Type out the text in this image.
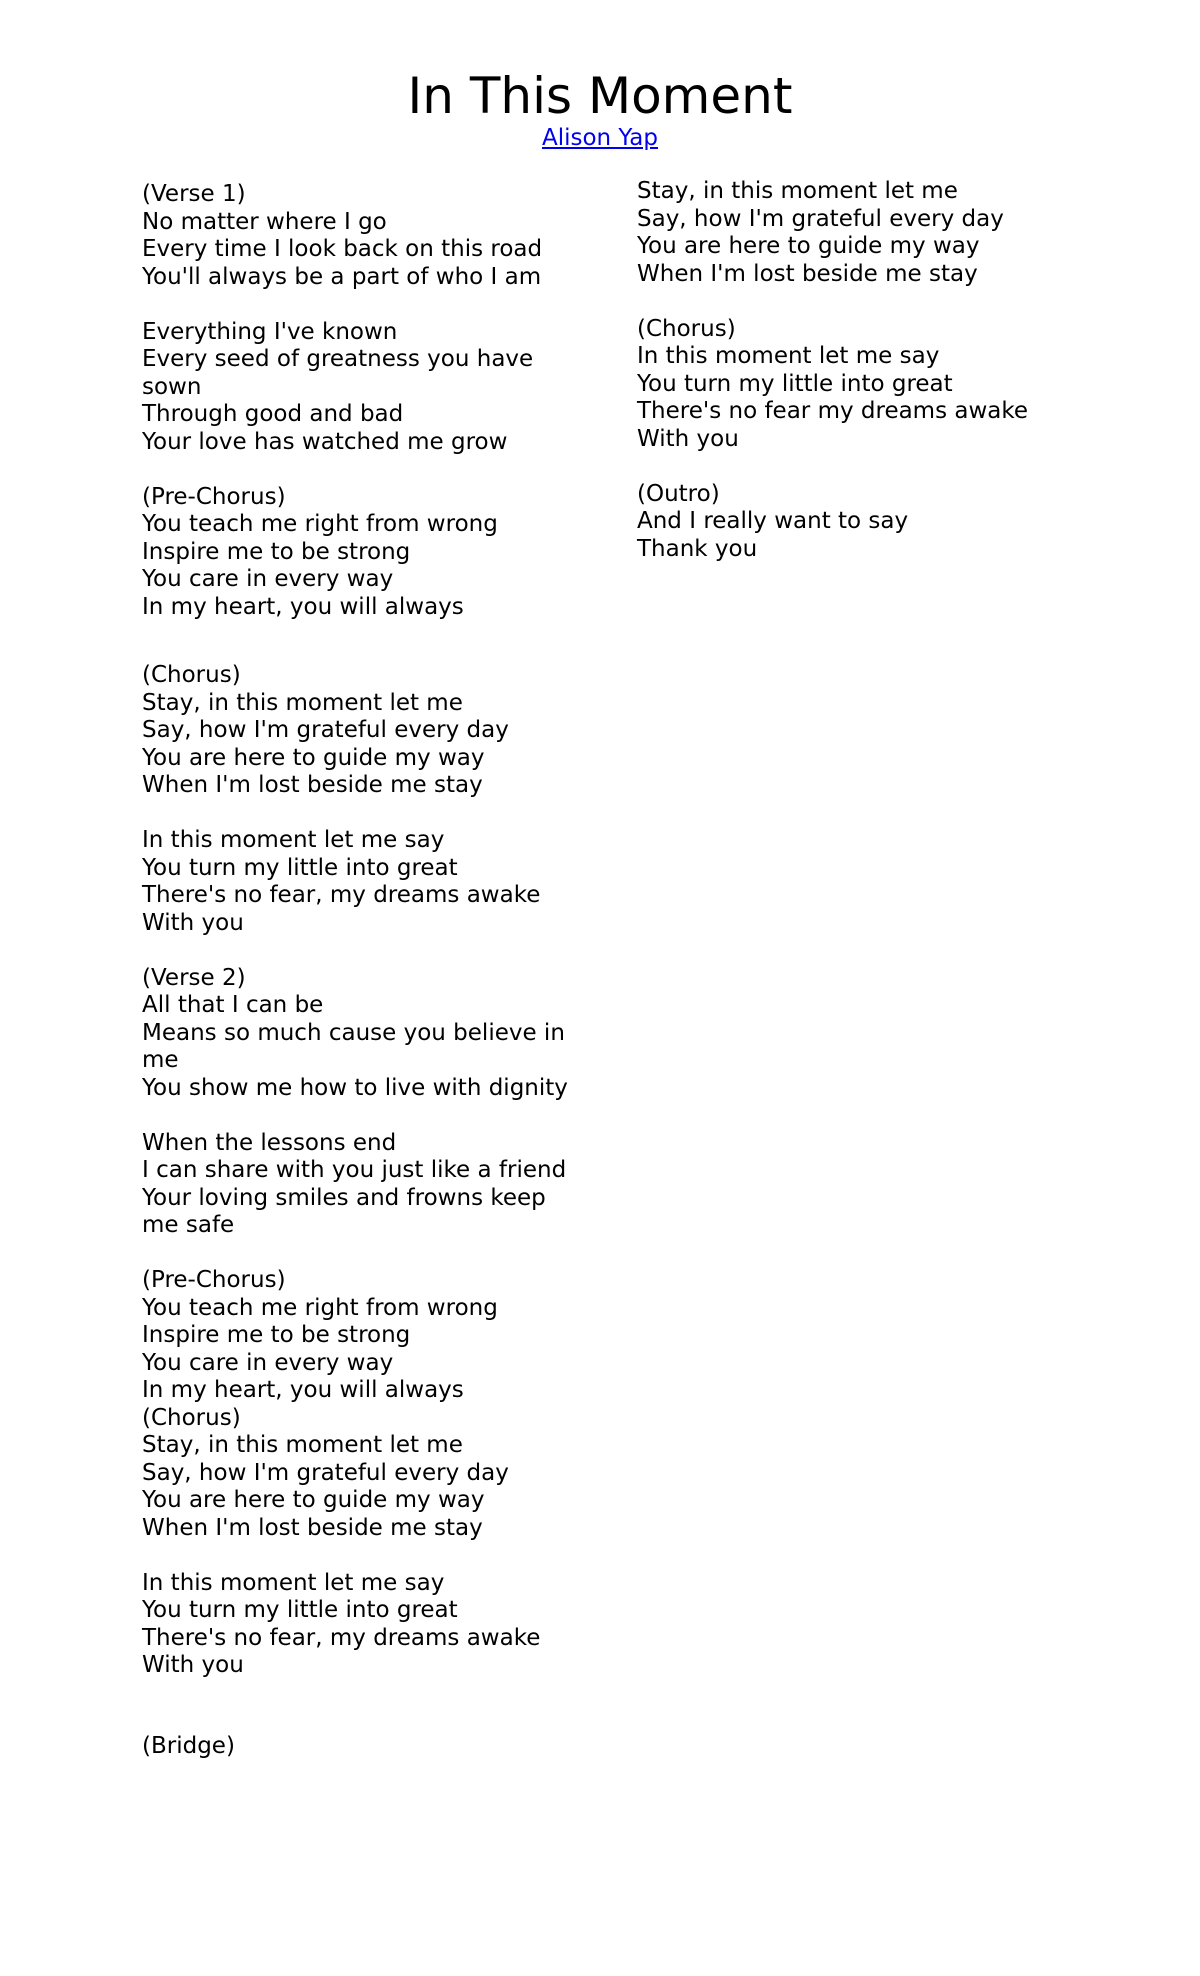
In This Moment
Alison Yap
(Verse 1)
No matter where I go
Every time I look back on this road
You'll always be a part of who I am
Everything I've known
Every seed of greatness you have sown
Through good and bad
Your love has watched me grow
(Pre-Chorus)
You teach me right from wrong
Inspire me to be strong
You care in every way
In my heart, you will always
(Chorus)
Stay, in this moment let me
Say, how I'm grateful every day
You are here to guide my way
When I'm lost beside me stay
In this moment let me say
You turn my little into great
There's no fear, my dreams awake
With you
(Verse 2)
All that I can be
Means so much cause you believe in me
You show me how to live with dignity
When the lessons end
I can share with you just like a friend
Your loving smiles and frowns keep me safe
(Pre-Chorus)
You teach me right from wrong
Inspire me to be strong
You care in every way
In my heart, you will always
(Chorus)
Stay, in this moment let me
Say, how I'm grateful every day
You are here to guide my way
When I'm lost beside me stay
In this moment let me say
You turn my little into great
There's no fear, my dreams awake
With you
(Bridge)
Stay, in this moment let me
Say, how I'm grateful every day
You are here to guide my way
When I'm lost beside me stay
(Chorus)
In this moment let me say
You turn my little into great
There's no fear my dreams awake
With you
(Outro)
And I really want to say
Thank you
